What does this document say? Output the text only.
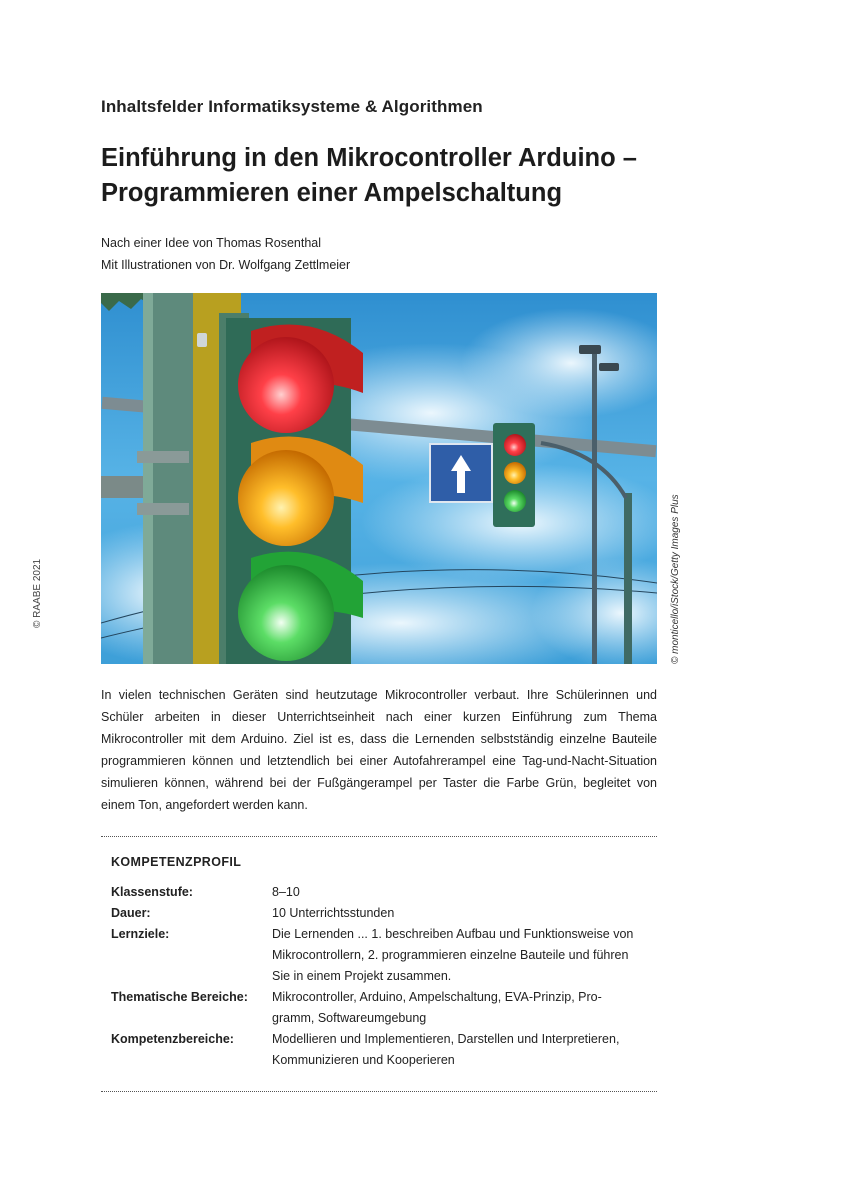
Inhaltsfelder Informatiksysteme & Algorithmen
Einführung in den Mikrocontroller Arduino –
Programmieren einer Ampelschaltung
Nach einer Idee von Thomas Rosenthal
Mit Illustrationen von Dr. Wolfgang Zettlmeier
© monticello/iStock/Getty Images Plus
© RAABE 2021
In vielen technischen Geräten sind heutzutage Mikrocontroller verbaut. Ihre Schülerinnen und Schüler arbeiten in dieser Unterrichtseinheit nach einer kurzen Einführung zum Thema Mikrocontroller mit dem Arduino. Ziel ist es, dass die Lernenden selbstständig einzelne Bauteile programmieren können und letztendlich bei einer Autofahrerampel eine Tag-und-Nacht-Situation simulieren können, während bei der Fußgängerampel per Taster die Farbe Grün, begleitet von einem Ton, angefordert werden kann.
KOMPETENZPROFIL
Klassenstufe:	8–10
Dauer:	10 Unterrichtsstunden
Lernziele:	Die Lernenden ... 1. beschreiben Aufbau und Funktionsweise von
Mikrocontrollern, 2. programmieren einzelne Bauteile und führen
Sie in einem Projekt zusammen.
Thematische Bereiche:	Mikrocontroller, Arduino, Ampelschaltung, EVA-Prinzip, Pro-
gramm, Softwareumgebung
Kompetenzbereiche:	Modellieren und Implementieren, Darstellen und Interpretieren,
Kommunizieren und Kooperieren
